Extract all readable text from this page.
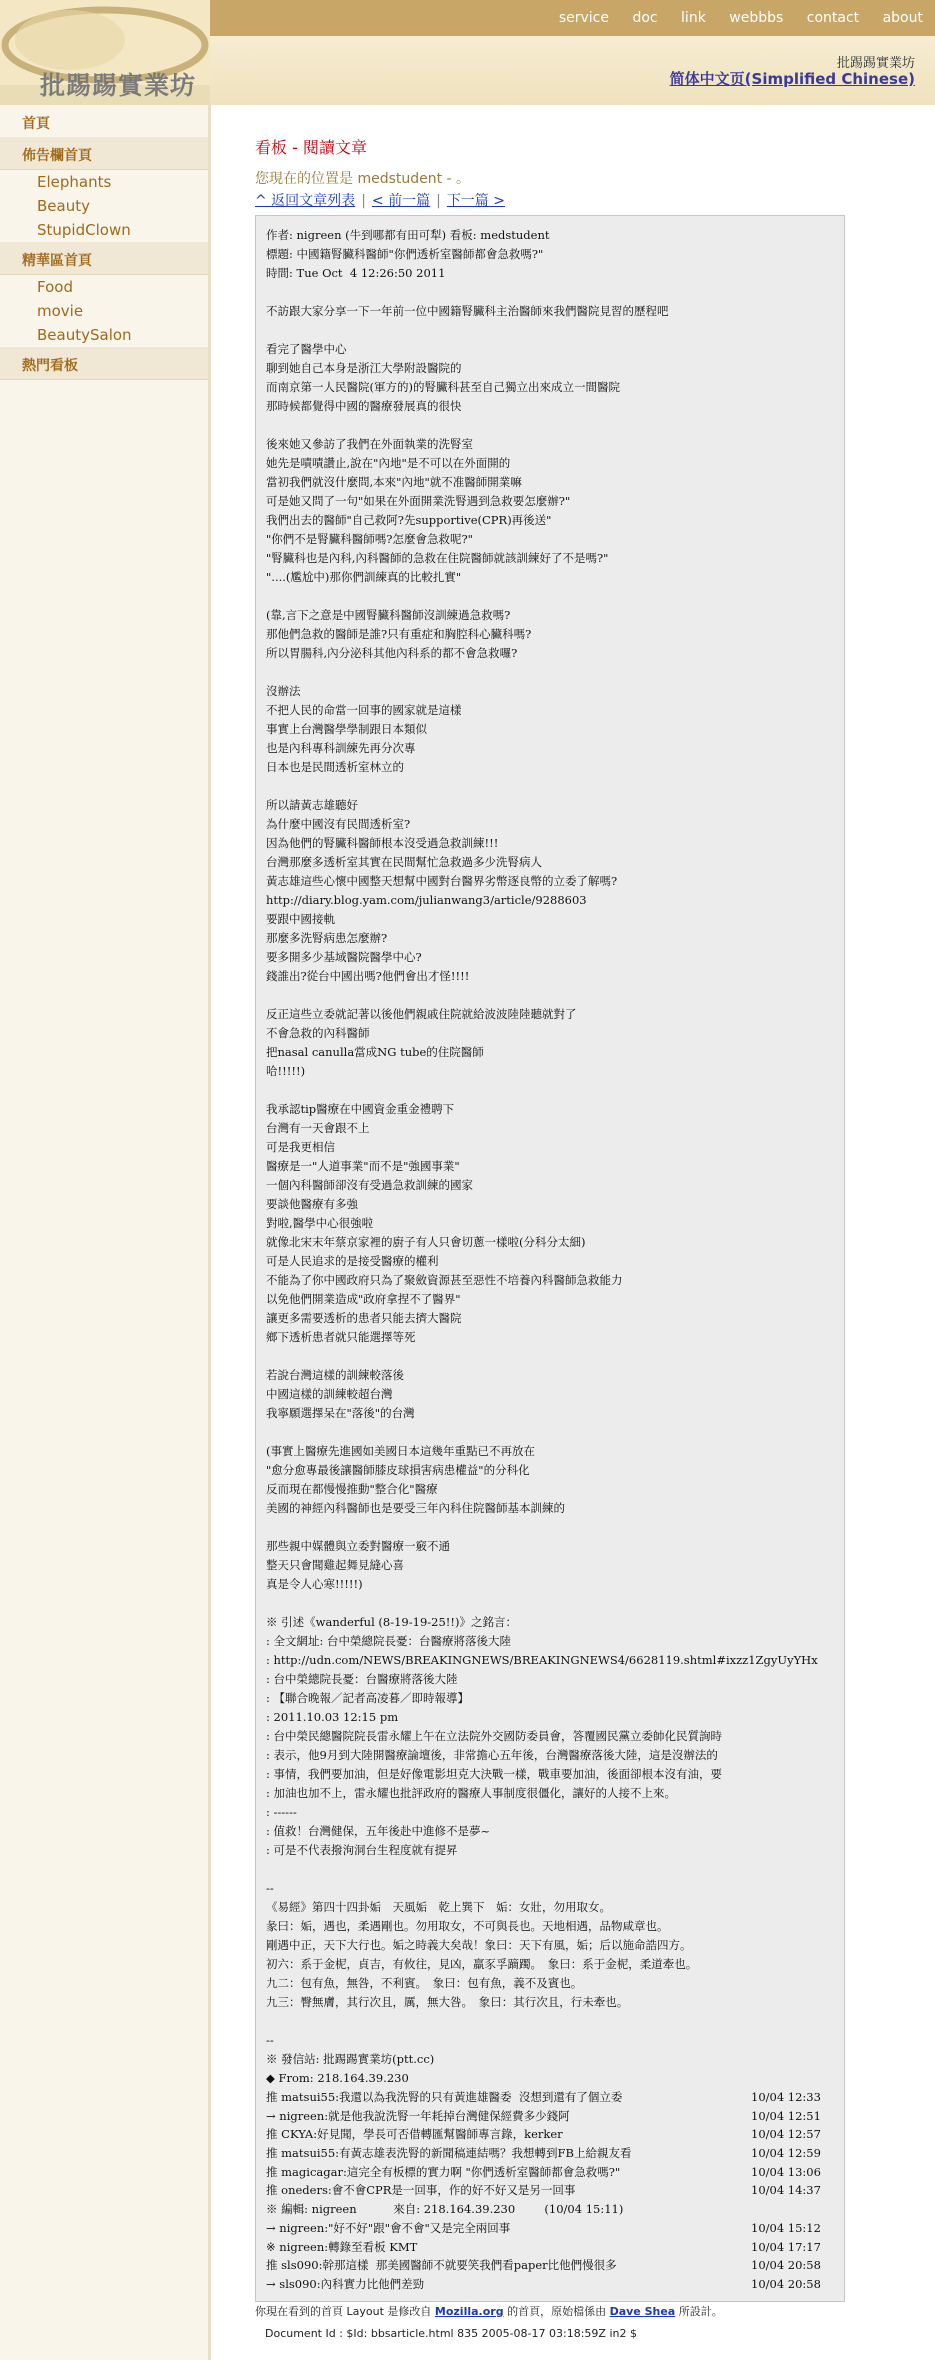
批踢踢實業坊
service doc link webbbs contact about
批踢踢實業坊
简体中文页(Simplified Chinese)
首頁
佈告欄首頁
Elephants
Beauty
StupidClown
精華區首頁
Food
movie
BeautySalon
熱門看板
看板 - 閱讀文章
您現在的位置是 medstudent - 。
^ 返回文章列表 | < 前一篇 | 下一篇 >
作者: nigreen (牛到哪都有田可犁) 看板: medstudent
標題: 中國籍腎臟科醫師"你們透析室醫師都會急救嗎?"
時間: Tue Oct  4 12:26:50 2011
不訪跟大家分享一下一年前一位中國籍腎臟科主治醫師來我們醫院見習的歷程吧
看完了醫學中心
聊到她自己本身是浙江大學附設醫院的
而南京第一人民醫院(軍方的)的腎臟科甚至自己獨立出來成立一間醫院
那時候都覺得中國的醫療發展真的很快
後來她又參訪了我們在外面執業的洗腎室
她先是嘖嘖讚止,說在"內地"是不可以在外面開的
當初我們就沒什麼問,本來"內地"就不准醫師開業嘛
可是她又問了一句"如果在外面開業洗腎遇到急救要怎麼辦?"
我們出去的醫師"自己救阿?先supportive(CPR)再後送"
"你們不是腎臟科醫師嗎?怎麼會急救呢?"
"腎臟科也是內科,內科醫師的急救在住院醫師就該訓練好了不是嗎?"
"....(尷尬中)那你們訓練真的比較扎實"
(靠,言下之意是中國腎臟科醫師沒訓練過急救嗎?
那他們急救的醫師是誰?只有重症和胸腔科心臟科嗎?
所以胃腸科,內分泌科其他內科系的都不會急救囉?
沒辦法
不把人民的命當一回事的國家就是這樣
事實上台灣醫學學制跟日本類似
也是內科專科訓練先再分次專
日本也是民間透析室林立的
所以請黃志雄聽好
為什麼中國沒有民間透析室?
因為他們的腎臟科醫師根本沒受過急救訓練!!!
台灣那麼多透析室其實在民間幫忙急救過多少洗腎病人
黃志雄這些心懷中國整天想幫中國對台醫界劣幣逐良幣的立委了解嗎?
http://diary.blog.yam.com/julianwang3/article/9288603
要跟中國接軌
那麼多洗腎病患怎麼辦?
要多開多少基域醫院醫學中心?
錢誰出?從台中國出嗎?他們會出才怪!!!!
反正這些立委就記著以後他們親戚住院就給波波陸陸聽就對了
不會急救的內科醫師
把nasal canulla當成NG tube的住院醫師
哈!!!!!)
我承認tip醫療在中國資金重金禮聘下
台灣有一天會跟不上
可是我更相信
醫療是一"人道事業"而不是"強國事業"
一個內科醫師卻沒有受過急救訓練的國家
要談他醫療有多強
對啦,醫學中心很強啦
就像北宋末年蔡京家裡的廚子有人只會切蔥一樣啦(分科分太細)
可是人民追求的是接受醫療的權利
不能為了你中國政府只為了聚斂資源甚至惡性不培養內科醫師急救能力
以免他們開業造成"政府拿捏不了醫界"
讓更多需要透析的患者只能去擠大醫院
鄉下透析患者就只能選擇等死
若說台灣這樣的訓練較落後
中國這樣的訓練較超台灣
我寧願選擇呆在"落後"的台灣
(事實上醫療先進國如美國日本這幾年重點已不再放在
"愈分愈專最後讓醫師膝皮球損害病患權益"的分科化
反而現在都慢慢推動"整合化"醫療
美國的神經內科醫師也是要受三年內科住院醫師基本訓練的
那些親中媒體與立委對醫療一竅不通
整天只會聞雞起舞見縫心喜
真是令人心寒!!!!!)
※ 引述《wanderful (8-19-19-25!!)》之銘言：
: 全文網址: 台中榮總院長憂：台醫療將落後大陸
: http://udn.com/NEWS/BREAKINGNEWS/BREAKINGNEWS4/6628119.shtml#ixzz1ZgyUyYHx
: 台中榮總院長憂：台醫療將落後大陸
: 【聯合晚報／記者高凌暮／即時報導】
: 2011.10.03 12:15 pm
: 台中榮民總醫院院長雷永耀上午在立法院外交國防委員會，答覆國民黨立委帥化民質詢時
: 表示，他9月到大陸開醫療論壇後，非常擔心五年後，台灣醫療落後大陸，這是沒辦法的
: 事情，我們要加油，但是好像電影坦克大決戰一樣，戰車要加油，後面卻根本沒有油，要
: 加油也加不上，雷永耀也批評政府的醫療人事制度很僵化，讓好的人接不上來。
: ------
: 值救！台灣健保，五年後赴中進修不是夢~
: 可是不代表撥洵洞台生程度就有提昇
--
《易經》第四十四卦姤　天風姤　乾上巽下　姤：女壯，勿用取女。
彖曰：姤，遇也，柔遇剛也。勿用取女，不可與長也。天地相遇，品物咸章也。
剛遇中正，天下大行也。姤之時義大矣哉！象曰：天下有風，姤；后以施命誥四方。
初六：系于金柅，貞吉，有攸往，見凶，羸豕孚蹢躅。　象曰：系于金柅，柔道牽也。
九二：包有魚，無咎，不利賓。　象曰：包有魚，義不及賓也。
九三：臀無膚，其行次且，厲，無大咎。　象曰：其行次且，行未牽也。
--
※ 發信站: 批踢踢實業坊(ptt.cc)
◆ From: 218.164.39.230
推 matsui55:我還以為我洗腎的只有黃進雄醫委  沒想到還有了個立委	10/04 12:33
→ nigreen:就是他我說洗腎一年耗掉台灣健保經費多少錢阿	10/04 12:51
推 CKYA:好見聞，學長可否借轉匯幫醫師專言錄，kerker	10/04 12:57
推 matsui55:有黃志雄表洗腎的新聞稿連結嗎？我想轉到FB上給親友看	10/04 12:59
推 magicagar:這完全有板標的實力啊 "你們透析室醫師都會急救嗎?"	10/04 13:06
推 oneders:會不會CPR是一回事，作的好不好又是另一回事	10/04 14:37
※ 編輯: nigreen          來自: 218.164.39.230        (10/04 15:11)
→ nigreen:"好不好"跟"會不會"又是完全兩回事	10/04 15:12
※ nigreen:轉錄至看板 KMT	10/04 17:17
推 sls090:幹那這樣  那美國醫師不就要笑我們看paper比他們慢很多	10/04 20:58
→ sls090:內科實力比他們差勁	10/04 20:58
你現在看到的首頁 Layout 是修改自 Mozilla.org 的首頁，原始檔係由 Dave Shea 所設計。
Document Id : $Id: bbsarticle.html 835 2005-08-17 03:18:59Z in2 $
